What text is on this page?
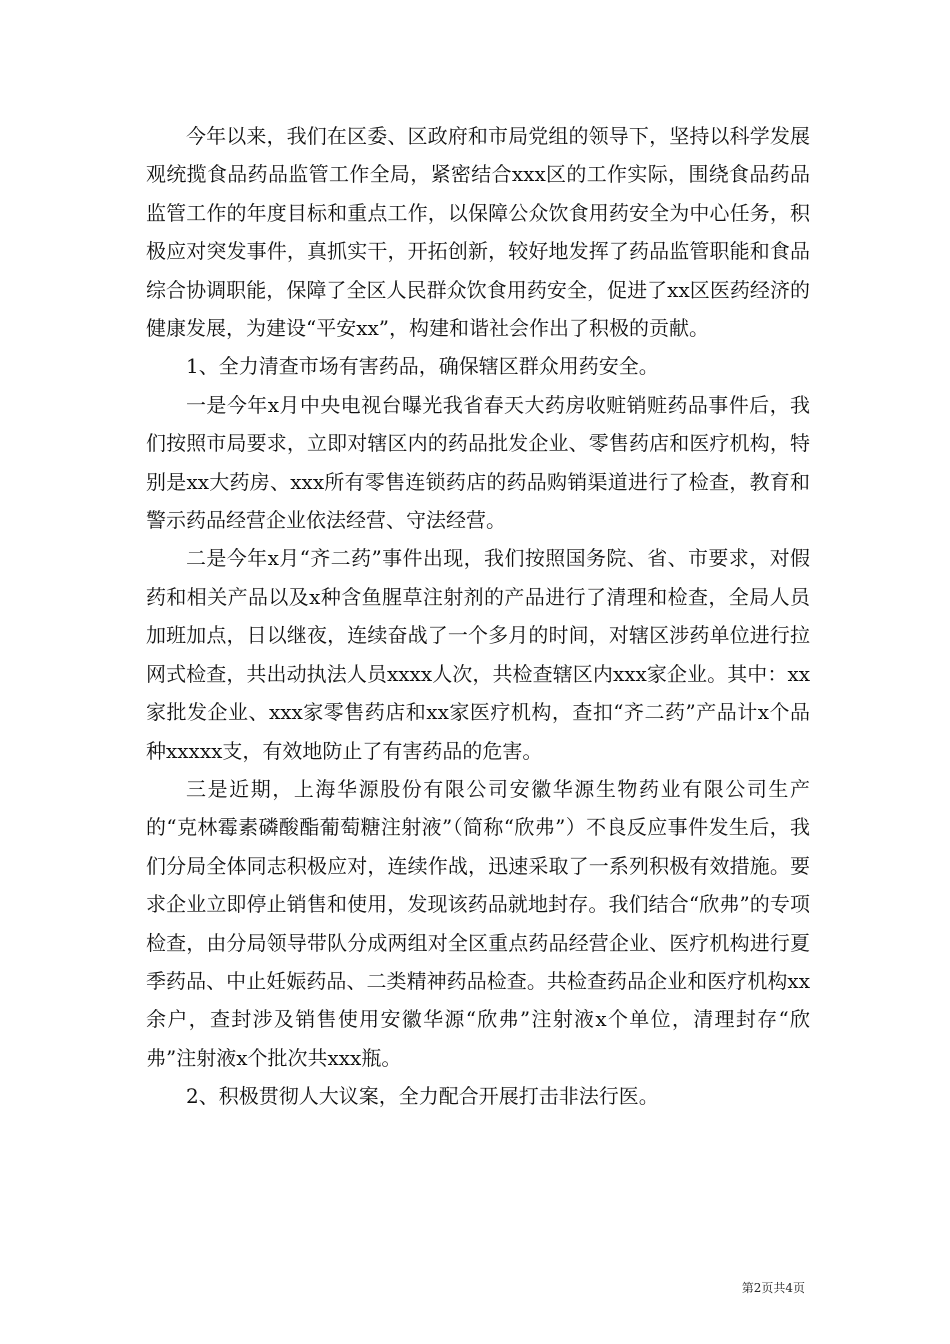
今年以来，我们在区委、区政府和市局党组的领导下，坚持以科学发展观统揽食品药品监管工作全局，紧密结合xxx区的工作实际，围绕食品药品监管工作的年度目标和重点工作，以保障公众饮食用药安全为中心任务，积极应对突发事件，真抓实干，开拓创新，较好地发挥了药品监管职能和食品综合协调职能，保障了全区人民群众饮食用药安全，促进了xx区医药经济的健康发展，为建设“平安xx”，构建和谐社会作出了积极的贡献。

1、全力清查市场有害药品，确保辖区群众用药安全。

一是今年x月中央电视台曝光我省春天大药房收赃销赃药品事件后，我们按照市局要求，立即对辖区内的药品批发企业、零售药店和医疗机构，特别是xx大药房、xxx所有零售连锁药店的药品购销渠道进行了检查，教育和警示药品经营企业依法经营、守法经营。

二是今年x月“齐二药”事件出现，我们按照国务院、省、市要求，对假药和相关产品以及x种含鱼腥草注射剂的产品进行了清理和检查，全局人员加班加点，日以继夜，连续奋战了一个多月的时间，对辖区涉药单位进行拉网式检查，共出动执法人员xxxx人次，共检查辖区内xxx家企业。其中：xx家批发企业、xxx家零售药店和xx家医疗机构，查扣“齐二药”产品计x个品种xxxxx支，有效地防止了有害药品的危害。

三是近期，上海华源股份有限公司安徽华源生物药业有限公司生产的“克林霉素磷酸酯葡萄糖注射液”（简称“欣弗”）不良反应事件发生后，我们分局全体同志积极应对，连续作战，迅速采取了一系列积极有效措施。要求企业立即停止销售和使用，发现该药品就地封存。我们结合“欣弗”的专项检查，由分局领导带队分成两组对全区重点药品经营企业、医疗机构进行夏季药品、中止妊娠药品、二类精神药品检查。共检查药品企业和医疗机构xx余户，查封涉及销售使用安徽华源“欣弗”注射液x个单位，清理封存“欣弗”注射液x个批次共xxx瓶。

2、积极贯彻人大议案，全力配合开展打击非法行医。

第2页共4页
